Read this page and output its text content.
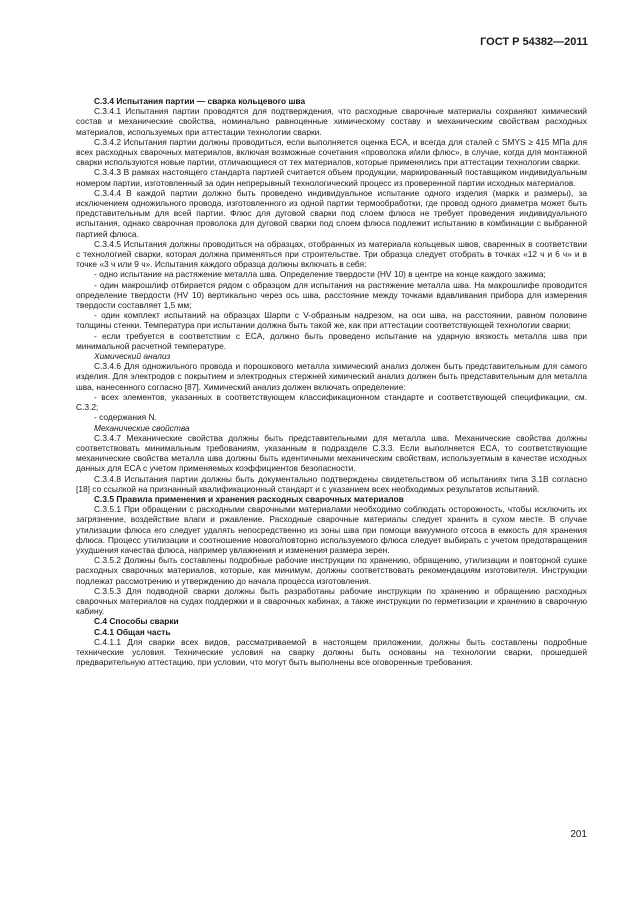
ГОСТ Р 54382—2011

C.3.4 Испытания партии — сварка кольцевого шва

C.3.4.1 Испытания партии проводятся для подтверждения, что расходные сварочные материалы сохраняют химический состав и механические свойства, номинально равноценные химическому составу и механическим свойствам расходных материалов, используемых при аттестации технологии сварки.

C.3.4.2 Испытания партии должны проводиться, если выполняется оценка ECA, и всегда для сталей с SMYS ≥ 415 МПа для всех расходных сварочных материалов, включая возможные сочетания «проволока и/или флюс», в случае, когда для монтажной сварки используются новые партии, отличающиеся от тех материалов, которые применялись при аттестации технологии сварки.

C.3.4.3 В рамках настоящего стандарта партией считается объем продукции, маркированный поставщиком индивидуальным номером партии, изготовленный за один непрерывный технологический процесс из проверенной партии исходных материалов.

C.3.4.4 В каждой партии должно быть проведено индивидуальное испытание одного изделия (марка и размеры), за исключением одножильного провода, изготовленного из одной партии термообработки, где провод одного диаметра может быть представительным для всей партии. Флюс для дуговой сварки под слоем флюса не требует проведения индивидуального испытания, однако сварочная проволока для дуговой сварки под слоем флюса подлежит испытанию в комбинации с выбранной партией флюса.

C.3.4.5 Испытания должны проводиться на образцах, отобранных из материала кольцевых швов, сваренных в соответствии с технологией сварки, которая должна применяться при строительстве. Три образца следует отобрать в точках «12 ч и 6 ч» и в точке «3 ч или 9 ч». Испытания каждого образца должны включать в себя:

- одно испытание на растяжение металла шва. Определение твердости (HV 10) в центре на конце каждого зажима;

- один макрошлиф отбирается рядом с образцом для испытания на растяжение металла шва. На макрошлифе проводится определение твердости (HV 10) вертикально через ось шва, расстояние между точками вдавливания прибора для измерения твердости составляет 1,5 мм;

- один комплект испытаний на образцах Шарпи с V-образным надрезом, на оси шва, на расстоянии, равном половине толщины стенки. Температура при испытании должна быть такой же, как при аттестации соответствующей технологии сварки;

- если требуется в соответствии с ECA, должно быть проведено испытание на ударную вязкость металла шва при минимальной расчетной температуре.

Химический анализ

C.3.4.6 Для одножильного провода и порошкового металла химический анализ должен быть представительным для самого изделия. Для электродов с покрытием и электродных стержней химический анализ должен быть представительным для металла шва, нанесенного согласно [87]. Химический анализ должен включать определение:

- всех элементов, указанных в соответствующем классификационном стандарте и соответствующей спецификации, см. С.3.2;

- содержания N.

Механические свойства

C.3.4.7 Механические свойства должны быть представительными для металла шва. Механические свойства должны соответствовать минимальным требованиям, указанным в подразделе С.3.3. Если выполняется ECA, то соответствующие механические свойства металла шва должны быть идентичными механическим свойствам, используетмым в качестве исходных данных для ECA с учетом применяемых коэффициентов безопасности.

C.3.4.8 Испытания партии должны быть документально подтверждены свидетельством об испытаниях типа 3.1B согласно [18] со ссылкой на признанный квалификационный стандарт и с указанием всех необходимых результатов испытаний.

C.3.5 Правила применения и хранения расходных сварочных материалов

C.3.5.1 При обращении с расходными сварочными материалами необходимо соблюдать осторожность, чтобы исключить их загрязнение, воздействие влаги и ржавление. Расходные сварочные материалы следует хранить в сухом месте. В случае утилизации флюса его следует удалять непосредственно из зоны шва при помощи вакуумного отсоса в емкость для хранения флюса. Процесс утилизации и соотношение нового/повторно используемого флюса следует выбирать с учетом предотвращения ухудшения качества флюса, например увлажнения и изменения размера зерен.

C.3.5.2 Должны быть составлены подробные рабочие инструкции по хранению, обращению, утилизации и повторной сушке расходных сварочных материалов, которые, как минимум, должны соответствовать рекомендациям изготовителя. Инструкции подлежат рассмотрению и утверждению до начала процесса изготовления.

C.3.5.3 Для подводной сварки должны быть разработаны рабочие инструкции по хранению и обращению расходных сварочных материалов на судах поддержки и в сварочных кабинах, а также инструкции по герметизации и хранению в сварочную кабину.

C.4 Способы сварки

C.4.1 Общая часть

C.4.1.1 Для сварки всех видов, рассматриваемой в настоящем приложении, должны быть составлены подробные технические условия. Технические условия на сварку должны быть основаны на технологии сварки, прошедшей предварительную аттестацию, при условии, что могут быть выполнены все оговоренные требования.

201
